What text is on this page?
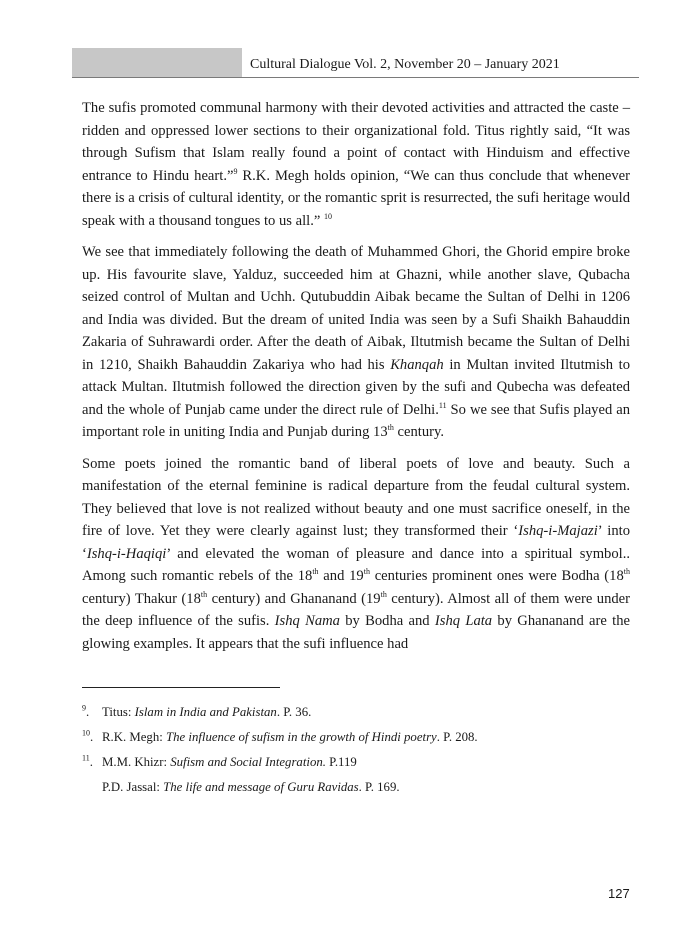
Cultural Dialogue Vol. 2, November 20 – January 2021

The sufis promoted communal harmony with their devoted activities and attracted the caste – ridden and oppressed lower sections to their organizational fold. Titus rightly said, “It was through Sufism that Islam really found a point of contact with Hinduism and effective entrance to Hindu heart.”$^9$ R.K. Megh holds opinion, “We can thus conclude that whenever there is a crisis of cultural identity, or the romantic sprit is resurrected, the sufi heritage would speak with a thousand tongues to us all.” $^{10}$

We see that immediately following the death of Muhammed Ghori, the Ghorid empire broke up. His favourite slave, Yalduz, succeeded him at Ghazni, while another slave, Qubacha seized control of Multan and Uchh. Qutubuddin Aibak became the Sultan of Delhi in 1206 and India was divided. But the dream of united India was seen by a Sufi Shaikh Bahauddin Zakaria of Suhrawardi order. After the death of Aibak, Iltutmish became the Sultan of Delhi in 1210, Shaikh Bahauddin Zakariya who had his Khanqah in Multan invited Iltutmish to attack Multan. Iltutmish followed the direction given by the sufi and Qubecha was defeated and the whole of Punjab came under the direct rule of Delhi.$^{11}$ So we see that Sufis played an important role in uniting India and Punjab during 13th century.

Some poets joined the romantic band of liberal poets of love and beauty. Such a manifestation of the eternal feminine is radical departure from the feudal cultural system. They believed that love is not realized without beauty and one must sacrifice oneself, in the fire of love. Yet they were clearly against lust; they transformed their ‘Ishq-i-Majazi’ into ‘Ishq-i-Haqiqi’ and elevated the woman of pleasure and dance into a spiritual symbol.. Among such romantic rebels of the 18th and 19th centuries prominent ones were Bodha (18th century) Thakur (18th century) and Ghananand (19th century). Almost all of them were under the deep influence of the sufis. Ishq Nama by Bodha and Ishq Lata by Ghananand are the glowing examples. It appears that the sufi influence had

$^9$. Titus: Islam in India and Pakistan. P. 36.
$^{10}$. R.K. Megh: The influence of sufism in the growth of Hindi poetry. P. 208.
$^{11}$. M.M. Khizr: Sufism and Social Integration. P.119
P.D. Jassal: The life and message of Guru Ravidas. P. 169.
127
